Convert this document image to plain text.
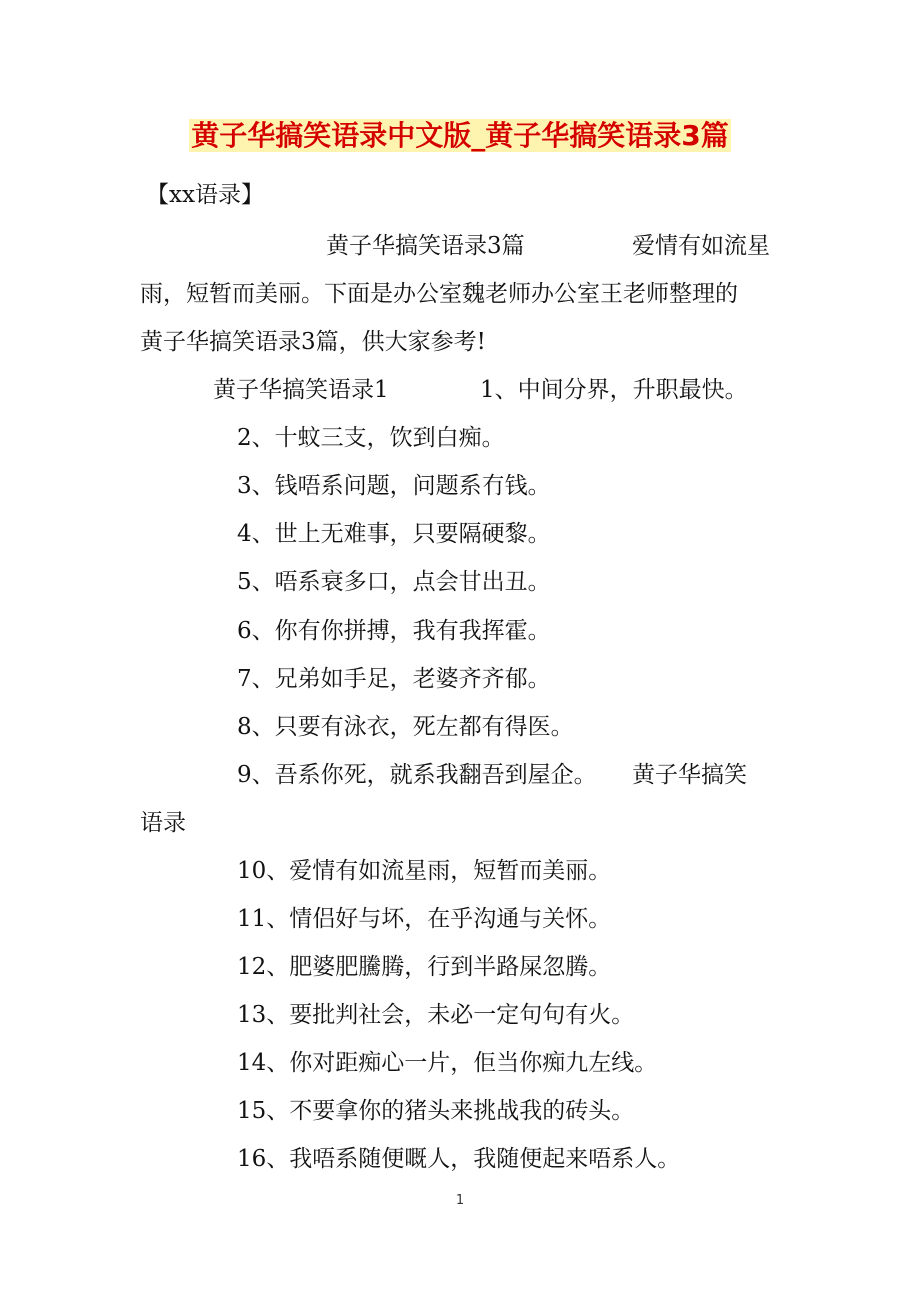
黄子华搞笑语录中文版_黄子华搞笑语录3篇
【xx语录】
黄子华搞笑语录3篇	爱情有如流星
雨，短暂而美丽。下面是办公室魏老师办公室王老师整理的
黄子华搞笑语录3篇，供大家参考!
黄子华搞笑语录1	1、中间分界，升职最快。
2、十蚊三支，饮到白痴。
3、钱唔系问题，问题系冇钱。
4、世上无难事，只要隔硬黎。
5、唔系衰多口，点会甘出丑。
6、你有你拼搏，我有我挥霍。
7、兄弟如手足，老婆齐齐郁。
8、只要有泳衣，死左都有得医。
9、吾系你死，就系我翻吾到屋企。 黄子华搞笑
语录
10、爱情有如流星雨，短暂而美丽。
11、情侣好与坏，在乎沟通与关怀。
12、肥婆肥騰腾，行到半路屎忽腾。
13、要批判社会，未必一定句句有火。
14、你对距痴心一片，佢当你痴九左线。
15、不要拿你的猪头来挑战我的砖头。
16、我唔系随便嘅人，我随便起来唔系人。
1
